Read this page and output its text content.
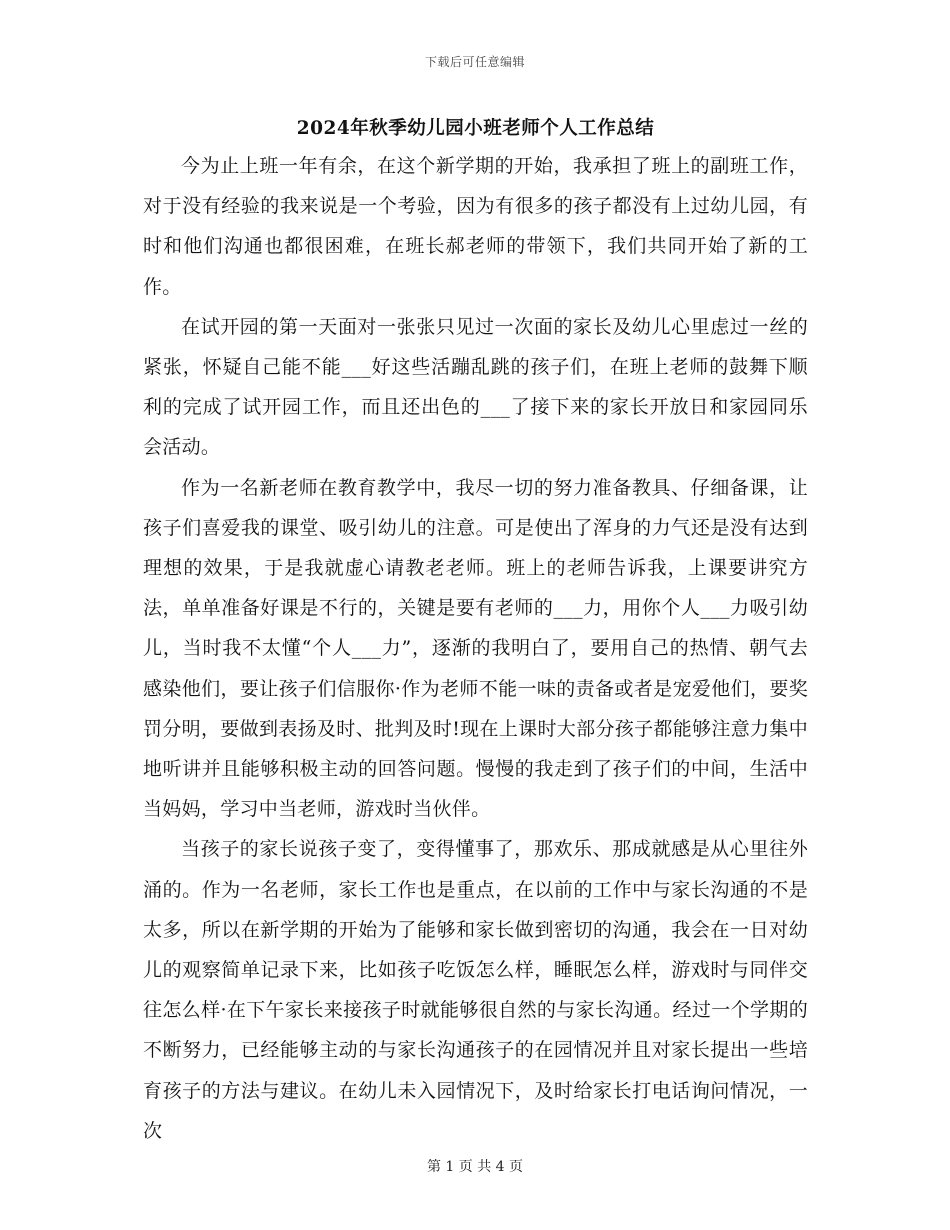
下载后可任意编辑
2024年秋季幼儿园小班老师个人工作总结

今为止上班一年有余，在这个新学期的开始，我承担了班上的副班工作，对于没有经验的我来说是一个考验，因为有很多的孩子都没有上过幼儿园，有时和他们沟通也都很困难，在班长郝老师的带领下，我们共同开始了新的工作。

在试开园的第一天面对一张张只见过一次面的家长及幼儿心里虑过一丝的紧张，怀疑自己能不能___好这些活蹦乱跳的孩子们，在班上老师的鼓舞下顺利的完成了试开园工作，而且还出色的___了接下来的家长开放日和家园同乐会活动。

作为一名新老师在教育教学中，我尽一切的努力准备教具、仔细备课，让孩子们喜爱我的课堂、吸引幼儿的注意。可是使出了浑身的力气还是没有达到理想的效果，于是我就虚心请教老老师。班上的老师告诉我，上课要讲究方法，单单准备好课是不行的，关键是要有老师的___力，用你个人___力吸引幼儿，当时我不太懂“个人___力”，逐渐的我明白了，要用自己的热情、朝气去感染他们，要让孩子们信服你·作为老师不能一味的责备或者是宠爱他们，要奖罚分明，要做到表扬及时、批判及时!现在上课时大部分孩子都能够注意力集中地听讲并且能够积极主动的回答问题。慢慢的我走到了孩子们的中间，生活中当妈妈，学习中当老师，游戏时当伙伴。

当孩子的家长说孩子变了，变得懂事了，那欢乐、那成就感是从心里往外涌的。作为一名老师，家长工作也是重点，在以前的工作中与家长沟通的不是太多，所以在新学期的开始为了能够和家长做到密切的沟通，我会在一日对幼儿的观察简单记录下来，比如孩子吃饭怎么样，睡眠怎么样，游戏时与同伴交往怎么样·在下午家长来接孩子时就能够很自然的与家长沟通。经过一个学期的不断努力，已经能够主动的与家长沟通孩子的在园情况并且对家长提出一些培育孩子的方法与建议。在幼儿未入园情况下，及时给家长打电话询问情况，一次

第 1 页 共 4 页
